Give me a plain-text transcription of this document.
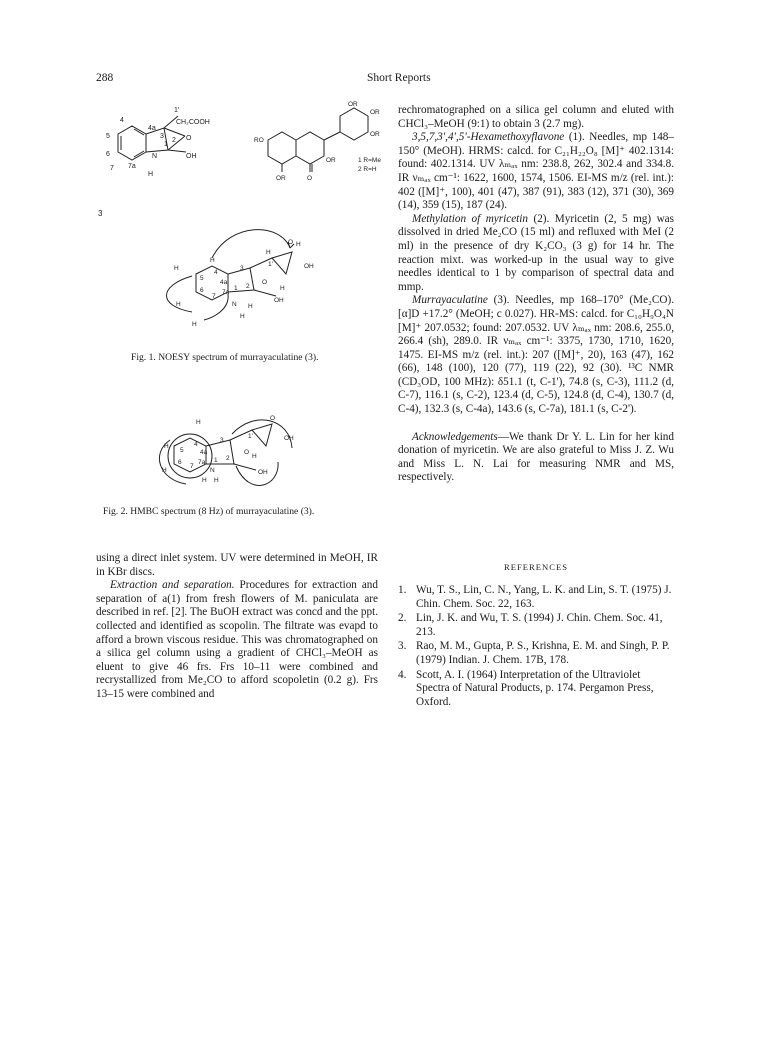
288	Short Reports
1'
4
4a
CH₂COOH
5	3
6
7a
1
2
7
N
H
OH
O
3
OR
RO
OR
OR
OR
O
OR
1 R=Me
2 R=H
H
H
H
H
H
H
H
H
5
4
4a
6
7
7a
3
1'
1 2
N
O
OH
OH
O
H
Fig. 1. NOESY spectrum of murrayaculatine (3).
H
H
H
H
H
5
4
4a
6
7
7a
3
1'
1 2
N
O
OH
OH
O
H
Fig. 2. HMBC spectrum (8 Hz) of murrayaculatine (3).

using a direct inlet system. UV were determined in MeOH, IR in KBr discs.

Extraction and separation. Procedures for extraction and separation of a(1) from fresh flowers of M. paniculata are described in ref. [2]. The BuOH extract was concd and the ppt. collected and identified as scopolin. The filtrate was evapd to afford a brown viscous residue. This was chromatographed on a silica gel column using a gradient of CHCl₃–MeOH as eluent to give 46 frs. Frs 10–11 were combined and recrystallized from Me₂CO to afford scopoletin (0.2 g). Frs 13–15 were combined and

rechromatographed on a silica gel column and eluted with CHCl₃–MeOH (9:1) to obtain 3 (2.7 mg).

3,5,7,3',4',5'-Hexamethoxyflavone (1). Needles, mp 148–150° (MeOH). HRMS: calcd. for C₂₁H₂₂O₈ [M]⁺ 402.1314: found: 402.1314. UV λₘₐₓ nm: 238.8, 262, 302.4 and 334.8. IR νₘₐₓ cm⁻¹: 1622, 1600, 1574, 1506. EI-MS m/z (rel. int.): 402 ([M]⁺, 100), 401 (47), 387 (91), 383 (12), 371 (30), 369 (14), 359 (15), 187 (24).

Methylation of myricetin (2). Myricetin (2, 5 mg) was dissolved in dried Me₂CO (15 ml) and refluxed with MeI (2 ml) in the presence of dry K₂CO₃ (3 g) for 14 hr. The reaction mixt. was worked-up in the usual way to give needles identical to 1 by comparison of spectral data and mmp.

Murrayaculatine (3). Needles, mp 168–170° (Me₂CO). [α]D +17.2° (MeOH; c 0.027). HR-MS: calcd. for C₁₀H₉O₄N [M]⁺ 207.0532; found: 207.0532. UV λₘₐₓ nm: 208.6, 255.0, 266.4 (sh), 289.0. IR νₘₐₓ cm⁻¹: 3375, 1730, 1710, 1620, 1475. EI-MS m/z (rel. int.): 207 ([M]⁺, 20), 163 (47), 162 (66), 148 (100), 120 (77), 119 (22), 92 (30). ¹³C NMR (CD₃OD, 100 MHz): δ51.1 (t, C-1'), 74.8 (s, C-3), 111.2 (d, C-7), 116.1 (s, C-2), 123.4 (d, C-5), 124.8 (d, C-4), 130.7 (d, C-4), 132.3 (s, C-4a), 143.6 (s, C-7a), 181.1 (s, C-2').

Acknowledgements—We thank Dr Y. L. Lin for her kind donation of myricetin. We are also grateful to Miss J. Z. Wu and Miss L. N. Lai for measuring NMR and MS, respectively.

REFERENCES
1. Wu, T. S., Lin, C. N., Yang, L. K. and Lin, S. T. (1975) J. Chin. Chem. Soc. 22, 163.
2. Lin, J. K. and Wu, T. S. (1994) J. Chin. Chem. Soc. 41, 213.
3. Rao, M. M., Gupta, P. S., Krishna, E. M. and Singh, P. P. (1979) Indian. J. Chem. 17B, 178.
4. Scott, A. I. (1964) Interpretation of the Ultraviolet Spectra of Natural Products, p. 174. Pergamon Press, Oxford.
